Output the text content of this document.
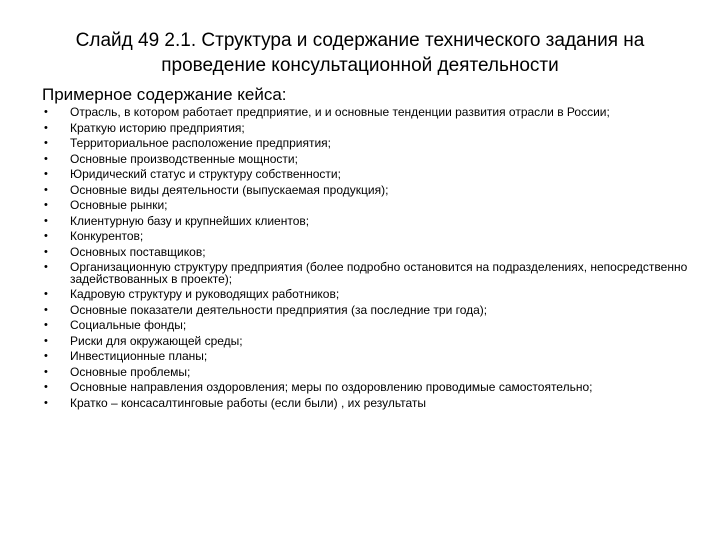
Слайд 49 2.1. Структура и содержание технического задания на
проведение консультационной деятельности
Примерное содержание кейса:
• Отрасль, в котором работает предприятие, и и основные тенденции развития отрасли в России;
• Краткую историю предприятия;
• Территориальное расположение предприятия;
• Основные производственные мощности;
• Юридический статус и структуру собственности;
• Основные виды деятельности (выпускаемая продукция);
• Основные рынки;
• Клиентурную базу и крупнейших клиентов;
• Конкурентов;
• Основных поставщиков;
• Организационную структуру предприятия (более подробно остановится на подразделениях, непосредственно задействованных в проекте);
• Кадровую структуру и руководящих работников;
• Основные показатели деятельности предприятия (за последние три года);
• Социальные фонды;
• Риски для окружающей среды;
• Инвестиционные планы;
• Основные проблемы;
• Основные направления оздоровления; меры по оздоровлению проводимые самостоятельно;
• Кратко – консасалтинговые работы (если были) , их результаты
